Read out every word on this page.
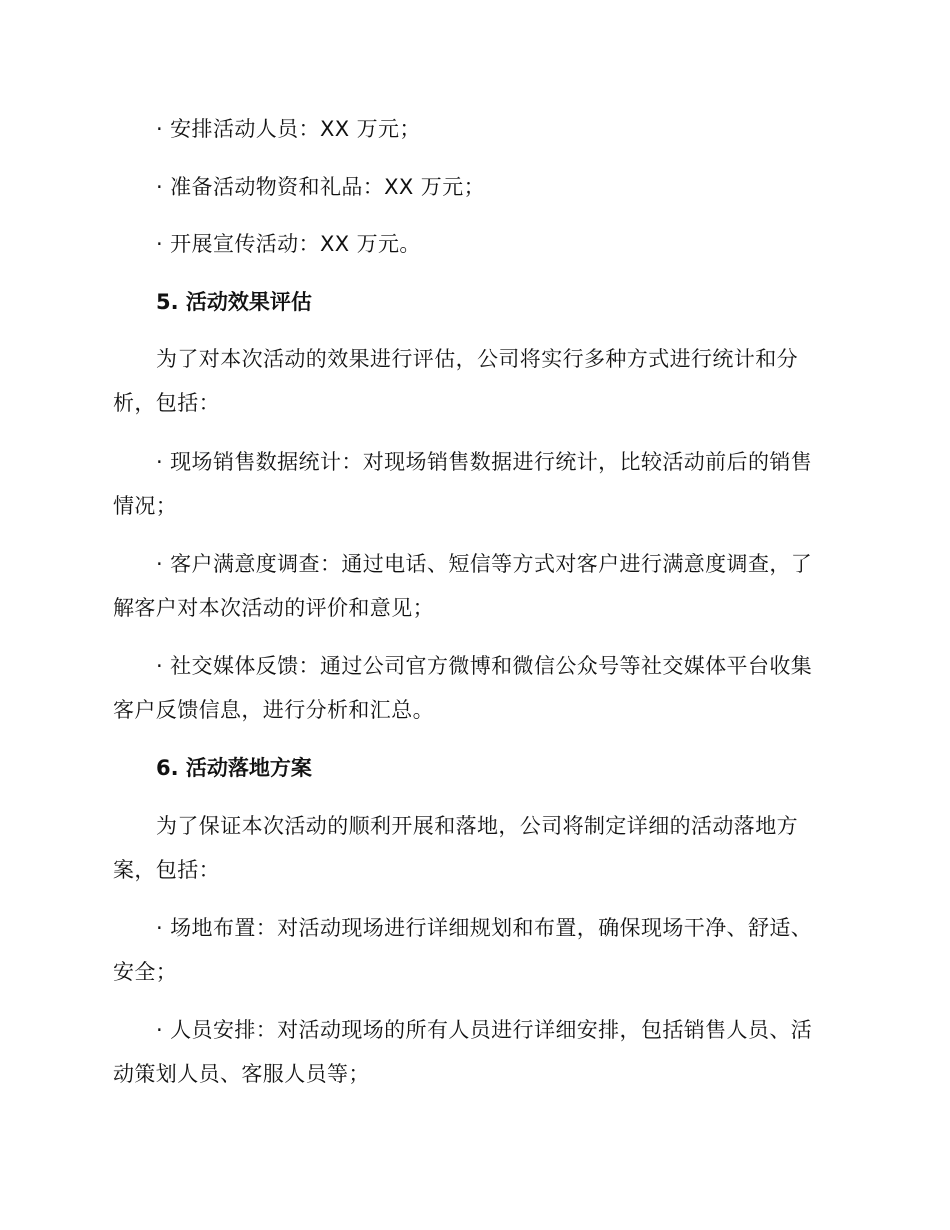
· 安排活动人员：XX 万元；

· 准备活动物资和礼品：XX 万元；

· 开展宣传活动：XX 万元。

5. 活动效果评估

为了对本次活动的效果进行评估，公司将实行多种方式进行统计和分析，包括：

· 现场销售数据统计：对现场销售数据进行统计，比较活动前后的销售情况；

· 客户满意度调查：通过电话、短信等方式对客户进行满意度调查，了解客户对本次活动的评价和意见；

· 社交媒体反馈：通过公司官方微博和微信公众号等社交媒体平台收集客户反馈信息，进行分析和汇总。

6. 活动落地方案

为了保证本次活动的顺利开展和落地，公司将制定详细的活动落地方案，包括：

· 场地布置：对活动现场进行详细规划和布置，确保现场干净、舒适、安全；

· 人员安排：对活动现场的所有人员进行详细安排，包括销售人员、活动策划人员、客服人员等；
